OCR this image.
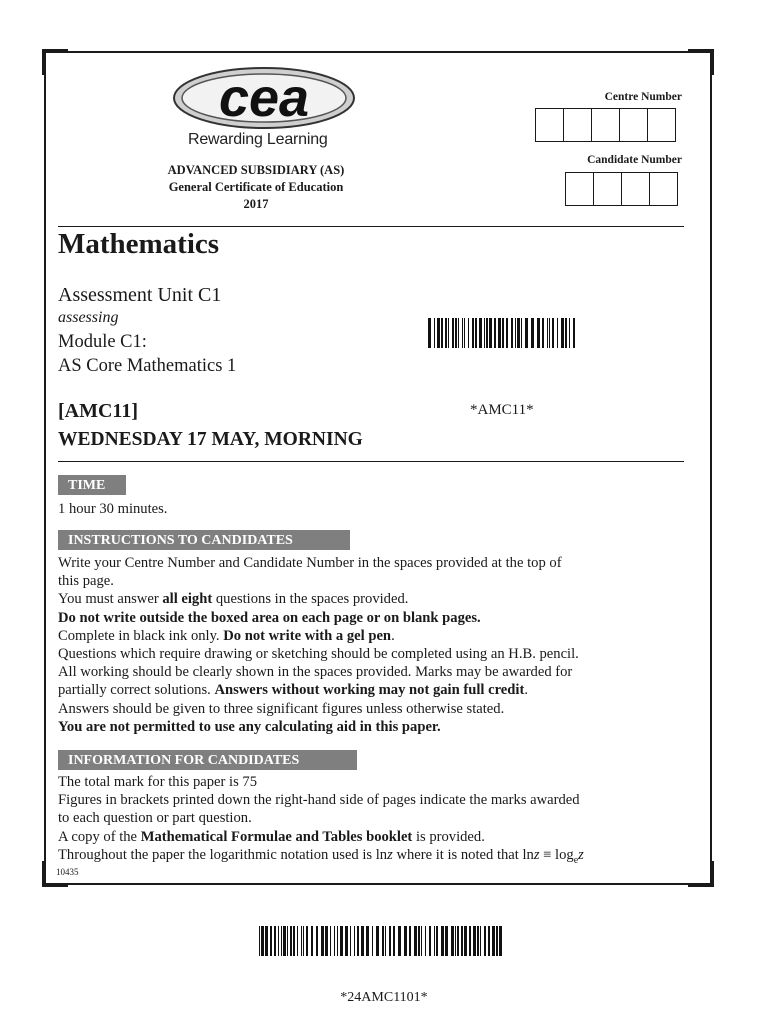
cea
Rewarding Learning
ADVANCED SUBSIDIARY (AS)
General Certificate of Education
2017
Centre Number
Candidate Number
Mathematics
Assessment Unit C1
assessing
Module C1:
AS Core Mathematics 1
*AMC11*
[AMC11]
WEDNESDAY 17 MAY, MORNING
TIME
1 hour 30 minutes.
INSTRUCTIONS TO CANDIDATES

Write your Centre Number and Candidate Number in the spaces provided at the top of

this page.

You must answer all eight questions in the spaces provided.

Do not write outside the boxed area on each page or on blank pages.

Complete in black ink only. Do not write with a gel pen.

Questions which require drawing or sketching should be completed using an H.B. pencil.

All working should be clearly shown in the spaces provided. Marks may be awarded for

partially correct solutions. Answers without working may not gain full credit.

Answers should be given to three significant figures unless otherwise stated.

You are not permitted to use any calculating aid in this paper.

INFORMATION FOR CANDIDATES

The total mark for this paper is 75

Figures in brackets printed down the right-hand side of pages indicate the marks awarded

to each question or part question.

A copy of the Mathematical Formulae and Tables booklet is provided.

Throughout the paper the logarithmic notation used is lnz where it is noted that $\ln z \equiv \log_ez$

10435
*24AMC1101*
